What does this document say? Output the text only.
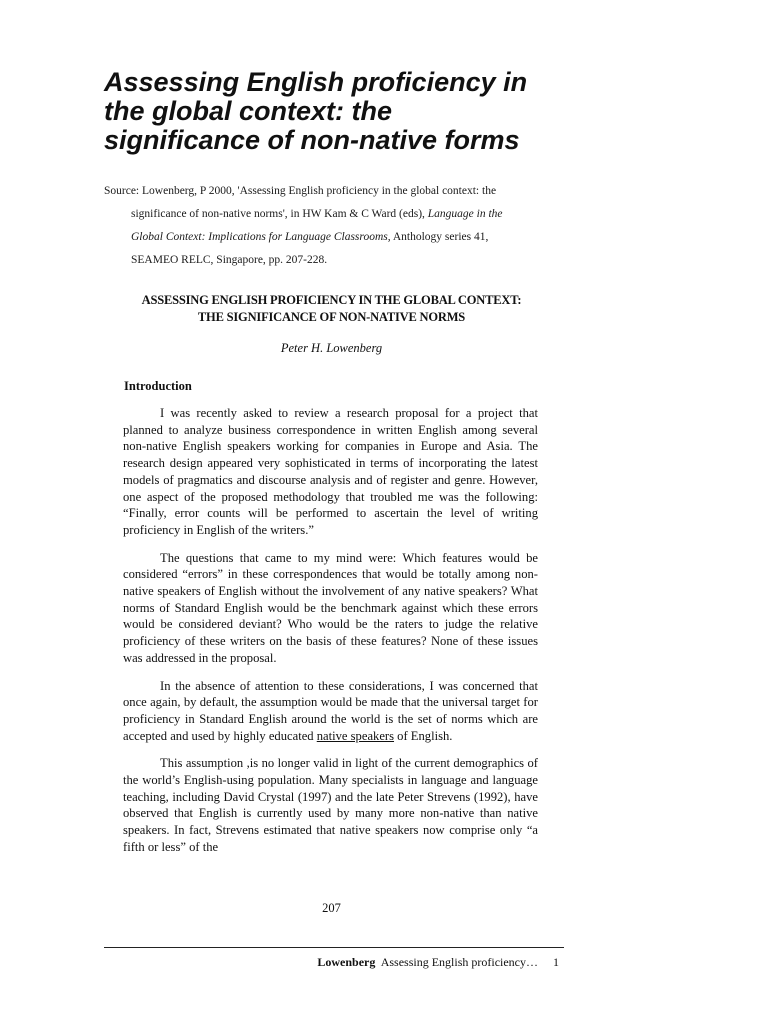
Assessing English proficiency in
the global context: the
significance of non-native forms
Source: Lowenberg, P 2000, 'Assessing English proficiency in the global context: the
significance of non-native norms', in HW Kam & C Ward (eds), Language in the
Global Context: Implications for Language Classrooms, Anthology series 41,
SEAMEO RELC, Singapore, pp. 207-228.
ASSESSING ENGLISH PROFICIENCY IN THE GLOBAL CONTEXT:
THE SIGNIFICANCE OF NON-NATIVE NORMS
Peter H. Lowenberg
Introduction

I was recently asked to review a research proposal for a project that planned to analyze business correspondence in written English among several non-native English speakers working for companies in Europe and Asia. The research design appeared very sophisticated in terms of incorporating the latest models of pragmatics and discourse analysis and of register and genre. However, one aspect of the proposed methodology that troubled me was the following: “Finally, error counts will be performed to ascertain the level of writing proficiency in English of the writers.”

The questions that came to my mind were: Which features would be considered “errors” in these correspondences that would be totally among non-native speakers of English without the involvement of any native speakers? What norms of Standard English would be the benchmark against which these errors would be considered deviant? Who would be the raters to judge the relative proficiency of these writers on the basis of these features? None of these issues was addressed in the proposal.

In the absence of attention to these considerations, I was concerned that once again, by default, the assumption would be made that the universal target for proficiency in Standard English around the world is the set of norms which are accepted and used by highly educated native speakers of English.

This assumption ,is no longer valid in light of the current demographics of the world’s English-using population. Many specialists in language and language teaching, including David Crystal (1997) and the late Peter Strevens (1992), have observed that English is currently used by many more non-native than native speakers. In fact, Strevens estimated that native speakers now comprise only “a fifth or less” of the

207
Lowenberg Assessing English proficiency… 1
